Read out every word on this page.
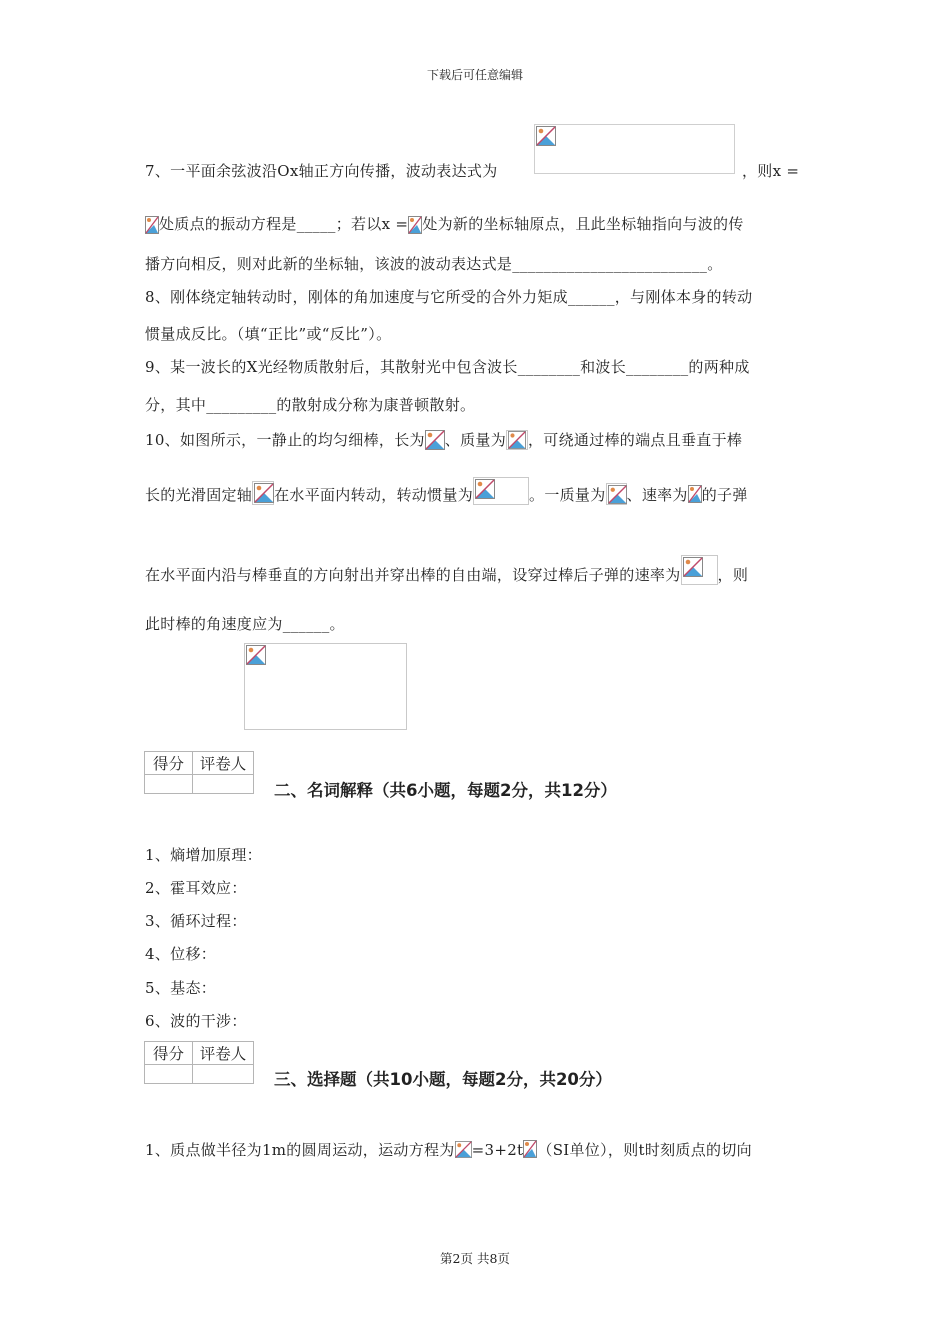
下载后可任意编辑
7、一平面余弦波沿Ox轴正方向传播，波动表达式为	，则x =
处质点的振动方程是_____；若以x = 处为新的坐标轴原点，且此坐标轴指向与波的传
播方向相反，则对此新的坐标轴，该波的波动表达式是_________________________。
8、刚体绕定轴转动时，刚体的角加速度与它所受的合外力矩成______，与刚体本身的转动
惯量成反比。（填“正比”或“反比”）。
9、某一波长的X光经物质散射后，其散射光中包含波长________和波长________的两种成
分，其中_________的散射成分称为康普顿散射。
10、如图所示，一静止的均匀细棒，长为 、质量为 ，可绕通过棒的端点且垂直于棒
长的光滑固定轴 在水平面内转动，转动惯量为	。一质量为 、速率为 的子弹
在水平面内沿与棒垂直的方向射出并穿出棒的自由端，设穿过棒后子弹的速率为 ，则
此时棒的角速度应为______。
得分	评卷人

二、名词解释（共6小题，每题2分，共12分）
1、熵增加原理：
2、霍耳效应：
3、循环过程：
4、位移：
5、基态：
6、波的干涉：
得分	评卷人

三、选择题（共10小题，每题2分，共20分）
1、质点做半径为1m的圆周运动，运动方程为 =3+2t （SI单位），则t时刻质点的切向
第2页 共8页
